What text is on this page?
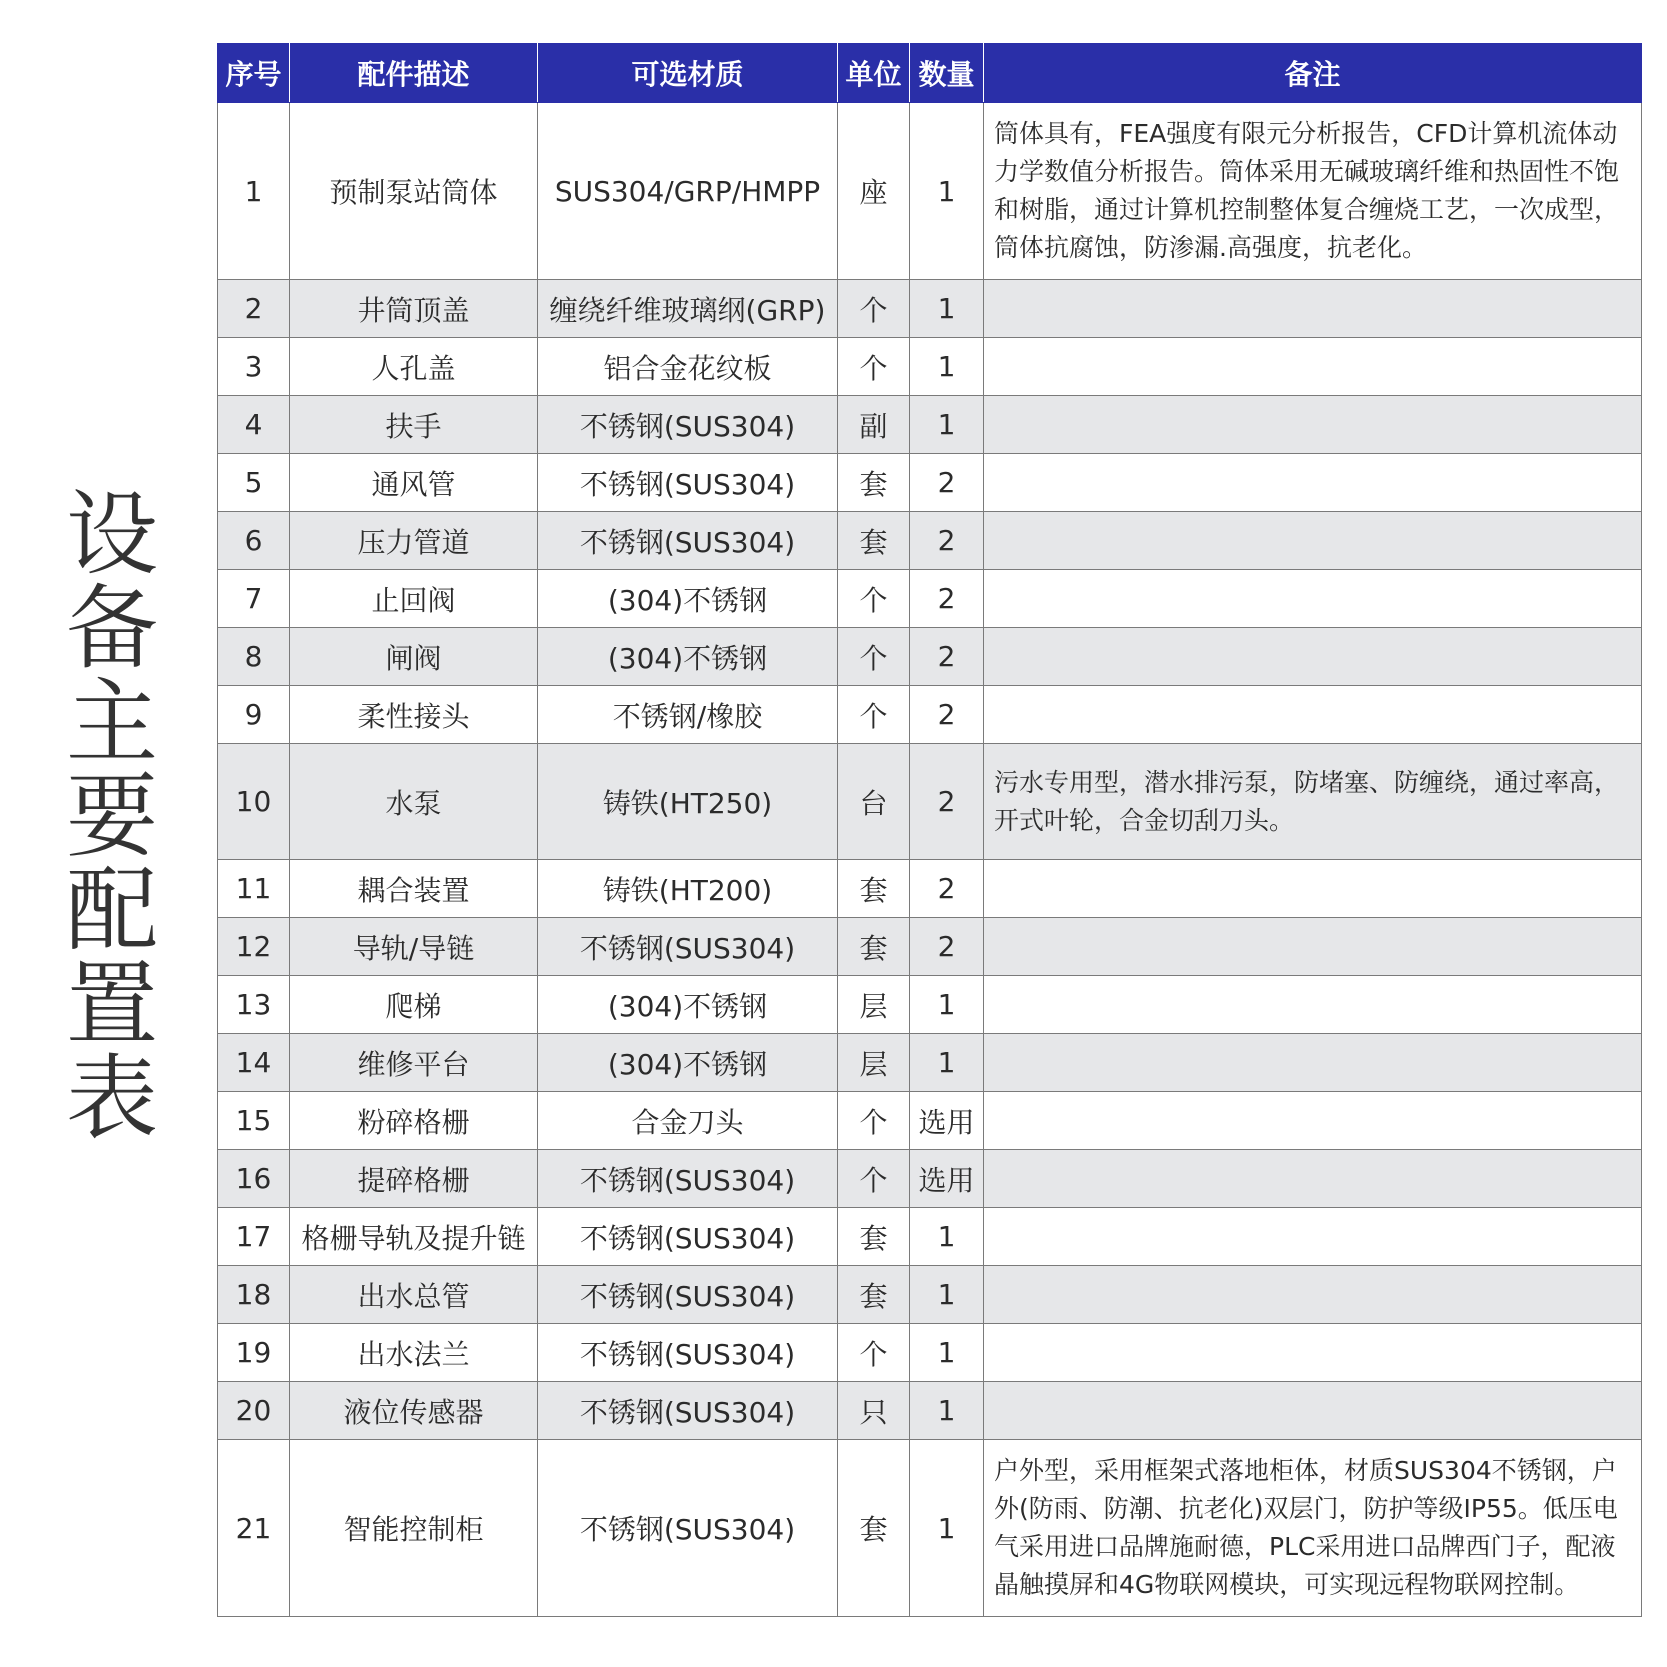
设
备
主
要
配
置
表
序号	配件描述	可选材质	单位	数量	备注
1	预制泵站筒体	SUS304/GRP/HMPP	座	1	筒体具有，FEA强度有限元分析报告，CFD计算机流体动力学数值分析报告。筒体采用无碱玻璃纤维和热固性不饱和树脂，通过计算机控制整体复合缠烧工艺，一次成型，筒体抗腐蚀，防渗漏.高强度，抗老化。
2	井筒顶盖	缠绕纤维玻璃纲(GRP)	个	1	
3	人孔盖	铝合金花纹板	个	1	
4	扶手	不锈钢(SUS304)	副	1	
5	通风管	不锈钢(SUS304)	套	2	
6	压力管道	不锈钢(SUS304)	套	2	
7	止回阀	(304)不锈钢	个	2	
8	闸阀	(304)不锈钢	个	2	
9	柔性接头	不锈钢/橡胶	个	2	
10	水泵	铸铁(HT250)	台	2	污水专用型，潜水排污泵，防堵塞、防缠绕，通过率高，开式叶轮，合金切刮刀头。
11	耦合装置	铸铁(HT200)	套	2	
12	导轨/导链	不锈钢(SUS304)	套	2	
13	爬梯	(304)不锈钢	层	1	
14	维修平台	(304)不锈钢	层	1	
15	粉碎格栅	合金刀头	个	选用	
16	提碎格栅	不锈钢(SUS304)	个	选用	
17	格栅导轨及提升链	不锈钢(SUS304)	套	1	
18	出水总管	不锈钢(SUS304)	套	1	
19	出水法兰	不锈钢(SUS304)	个	1	
20	液位传感器	不锈钢(SUS304)	只	1	
21	智能控制柜	不锈钢(SUS304)	套	1	户外型，采用框架式落地柜体，材质SUS304不锈钢，户外(防雨、防潮、抗老化)双层门，防护等级IP55。低压电气采用进口品牌施耐德，PLC采用进口品牌西门子，配液晶触摸屏和4G物联网模块，可实现远程物联网控制。
